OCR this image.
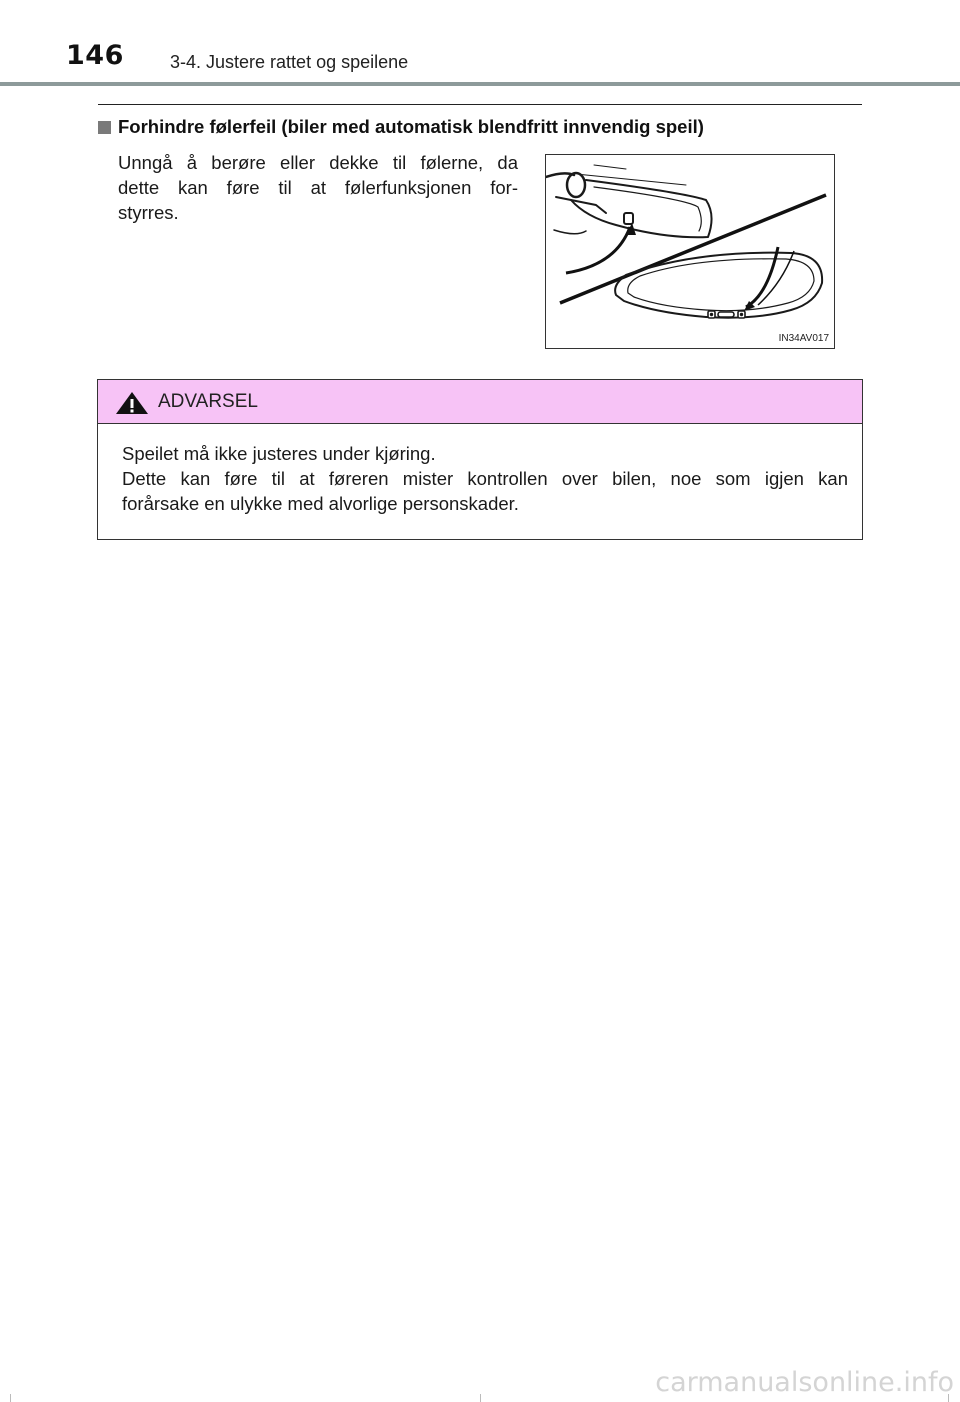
146	3-4. Justere rattet og speilene
Forhindre følerfeil (biler med automatisk blendfritt innvendig speil)
Unngå å berøre eller dekke til følerne, da
dette kan føre til at følerfunksjonen for-
styrres.
IN34AV017
ADVARSEL
Speilet må ikke justeres under kjøring.
Dette kan føre til at føreren mister kontrollen over bilen, noe som igjen kan
forårsake en ulykke med alvorlige personskader.
carmanualsonline.info
